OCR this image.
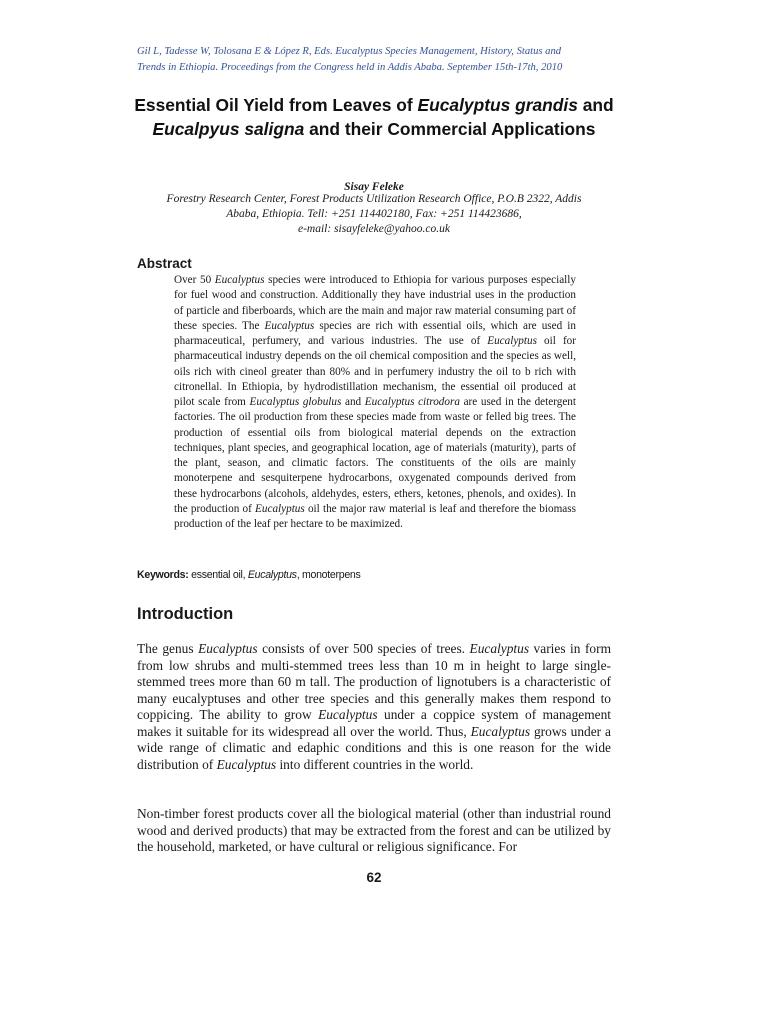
Gil L, Tadesse W, Tolosana E & López R, Eds. Eucalyptus Species Management, History, Status and
Trends in Ethiopia. Proceedings from the Congress held in Addis Ababa. September 15th-17th, 2010
Essential Oil Yield from Leaves of Eucalyptus grandis and Eucalpyus saligna and their Commercial Applications
Sisay Feleke
Forestry Research Center, Forest Products Utilization Research Office, P.O.B 2322, Addis
Ababa, Ethiopia. Tell: +251 114402180, Fax: +251 114423686,
e-mail: sisayfeleke@yahoo.co.uk
Abstract
Over 50 Eucalyptus species were introduced to Ethiopia for various purposes especially for fuel wood and construction. Additionally they have industrial uses in the production of particle and fiberboards, which are the main and major raw material consuming part of these species. The Eucalyptus species are rich with essential oils, which are used in pharmaceutical, perfumery, and various industries. The use of Eucalyptus oil for pharmaceutical industry depends on the oil chemical composition and the species as well, oils rich with cineol greater than 80% and in perfumery industry the oil to b rich with citronellal. In Ethiopia, by hydrodistillation mechanism, the essential oil produced at pilot scale from Eucalyptus globulus and Eucalyptus citrodora are used in the detergent factories. The oil production from these species made from waste or felled big trees. The production of essential oils from biological material depends on the extraction techniques, plant species, and geographical location, age of materials (maturity), parts of the plant, season, and climatic factors. The constituents of the oils are mainly monoterpene and sesquiterpene hydrocarbons, oxygenated compounds derived from these hydrocarbons (alcohols, aldehydes, esters, ethers, ketones, phenols, and oxides). In the production of Eucalyptus oil the major raw material is leaf and therefore the biomass production of the leaf per hectare to be maximized.
Keywords: essential oil, Eucalyptus, monoterpens
Introduction
The genus Eucalyptus consists of over 500 species of trees. Eucalyptus varies in form from low shrubs and multi-stemmed trees less than 10 m in height to large single-stemmed trees more than 60 m tall. The production of lignotubers is a characteristic of many eucalyptuses and other tree species and this generally makes them respond to coppicing. The ability to grow Eucalyptus under a coppice system of management makes it suitable for its widespread all over the world. Thus, Eucalyptus grows under a wide range of climatic and edaphic conditions and this is one reason for the wide distribution of Eucalyptus into different countries in the world.
Non-timber forest products cover all the biological material (other than industrial round wood and derived products) that may be extracted from the forest and can be utilized by the household, marketed, or have cultural or religious significance. For
62
